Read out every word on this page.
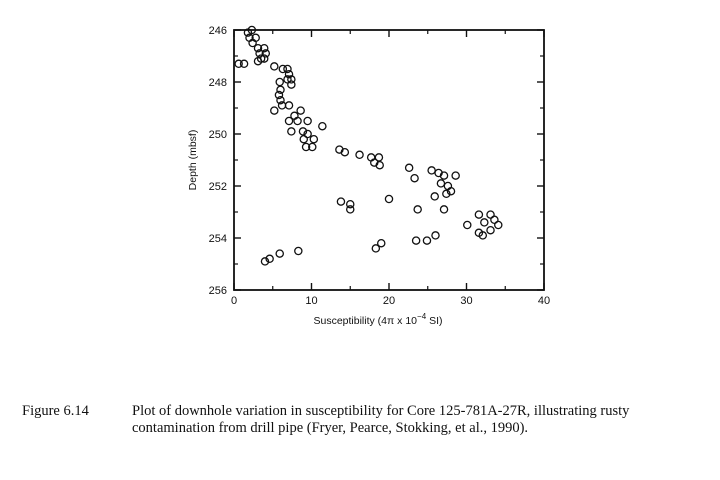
0	10	20	30	40
246
248
250
252
254
256
Susceptibility (4π x $10^{-4}$ SI)
Depth (mbsf)
Figure 6.14	Plot of downhole variation in susceptibility for Core 125-781A-27R, illustrating rusty contamination from drill pipe (Fryer, Pearce, Stokking, et al., 1990).
